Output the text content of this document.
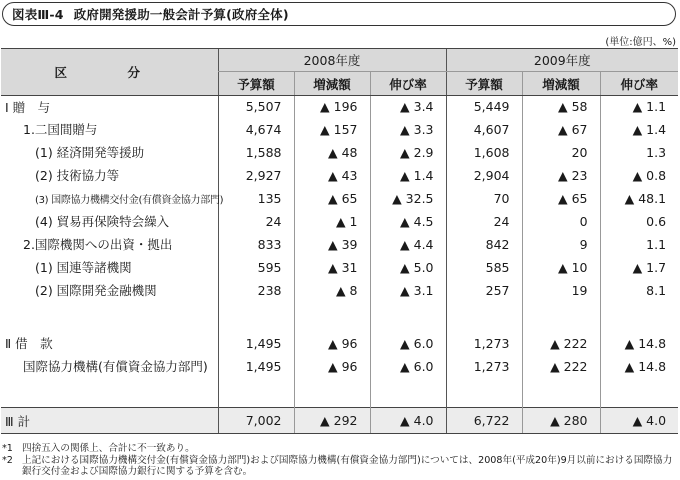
図表Ⅲ-4 政府開発援助一般会計予算(政府全体)
(単位:億円、%)
区　分	2008年度			2009年度		
	予算額	増減額	伸び率	予算額	増減額	伸び率
Ⅰ 贈　与	5,507	▲ 196	▲ 3.4	5,449	▲ 58	▲ 1.1
1.二国間贈与	4,674	▲ 157	▲ 3.3	4,607	▲ 67	▲ 1.4
(1) 経済開発等援助	1,588	▲ 48	▲ 2.9	1,608	20	1.3
(2) 技術協力等	2,927	▲ 43	▲ 1.4	2,904	▲ 23	▲ 0.8
(3) 国際協力機構交付金(有償資金協力部門)	135	▲ 65	▲ 32.5	70	▲ 65	▲ 48.1
(4) 貿易再保険特会繰入	24	▲ 1	▲ 4.5	24	0	0.6
2.国際機関への出資・拠出	833	▲ 39	▲ 4.4	842	9	1.1
(1) 国連等諸機関	595	▲ 31	▲ 5.0	585	▲ 10	▲ 1.7
(2) 国際開発金融機関	238	▲ 8	▲ 3.1	257	19	8.1

Ⅱ 借　款	1,495	▲ 96	▲ 6.0	1,273	▲ 222	▲ 14.8
国際協力機構(有償資金協力部門)	1,495	▲ 96	▲ 6.0	1,273	▲ 222	▲ 14.8

Ⅲ 計	7,002	▲ 292	▲ 4.0	6,722	▲ 280	▲ 4.0
*1 四捨五入の関係上、合計に不一致あり。
*2 上記における国際協力機構交付金(有償資金協力部門)および国際協力機構(有償資金協力部門)については、2008年(平成20年)9月以前における国際協力銀行交付金および国際協力銀行に関する予算を含む。
